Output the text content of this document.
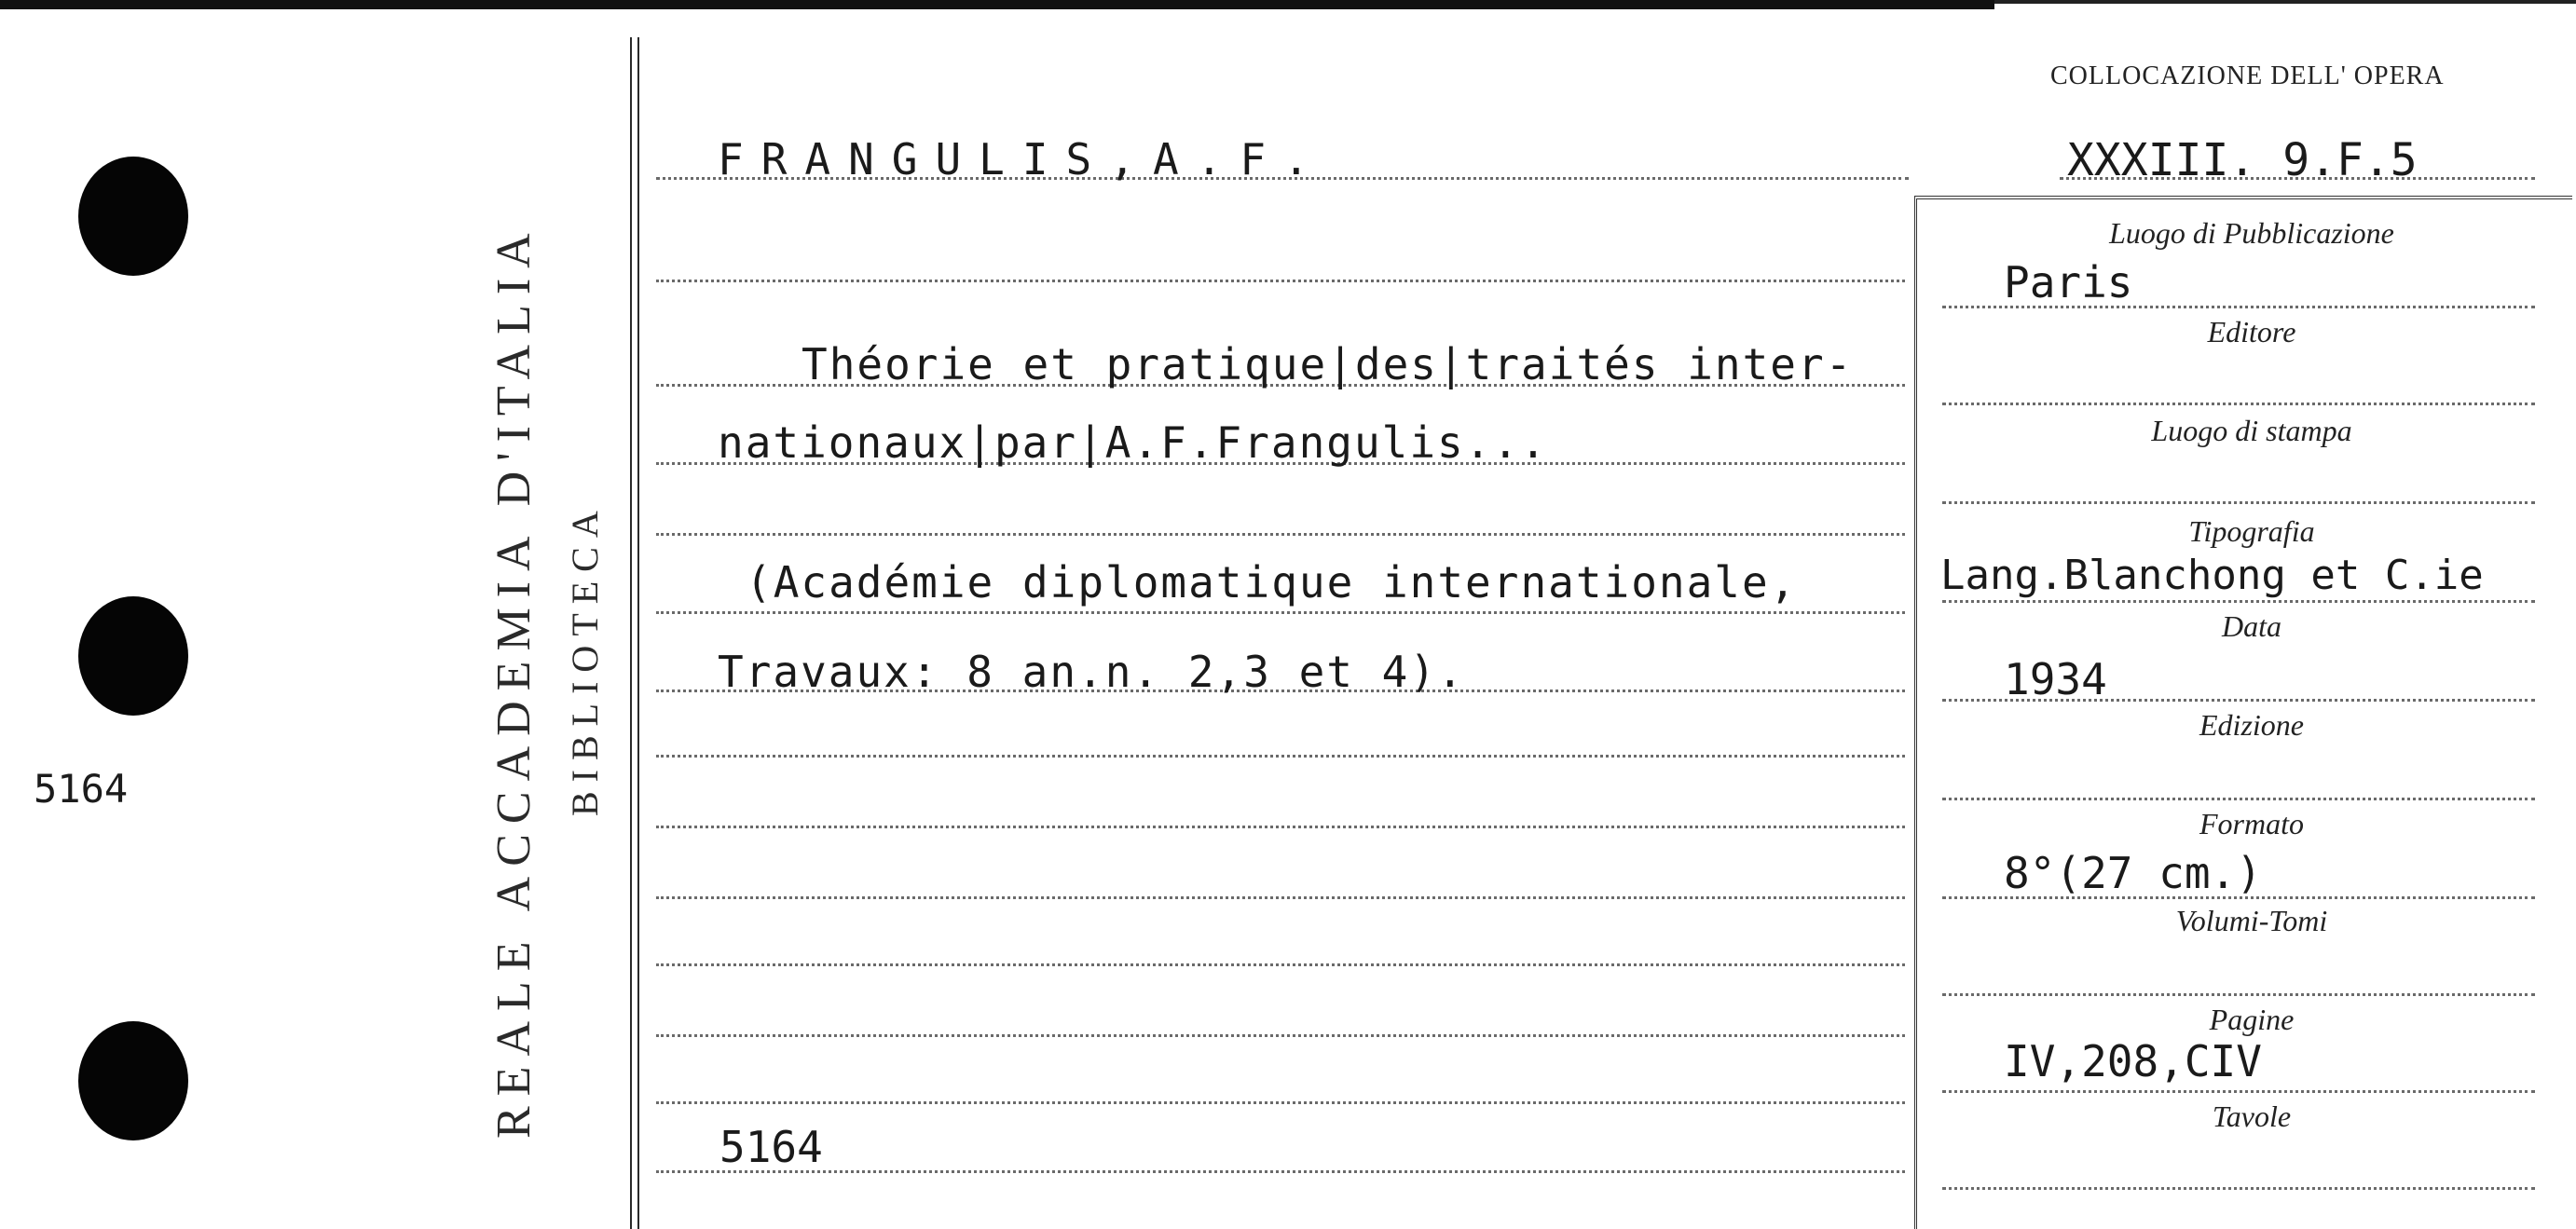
5164	REALE ACCADEMIA D'ITALIA BIBLIOTECA
FRANGULIS,A.F.
Théorie et pratique|des|traités inter-
nationaux|par|A.F.Frangulis...
(Académie diplomatique internationale,
Travaux: 8 an.n. 2,3 et 4).
5164
COLLOCAZIONE DELL' OPERA
XXXIII. 9.F.5
Luogo di Pubblicazione
Editore
Luogo di stampa
Tipografia
Data
Edizione
Formato
Volumi-Tomi
Pagine
Tavole
Paris
Lang.Blanchong et C.ie
1934
8°(27 cm.)
IV,208,CIV
